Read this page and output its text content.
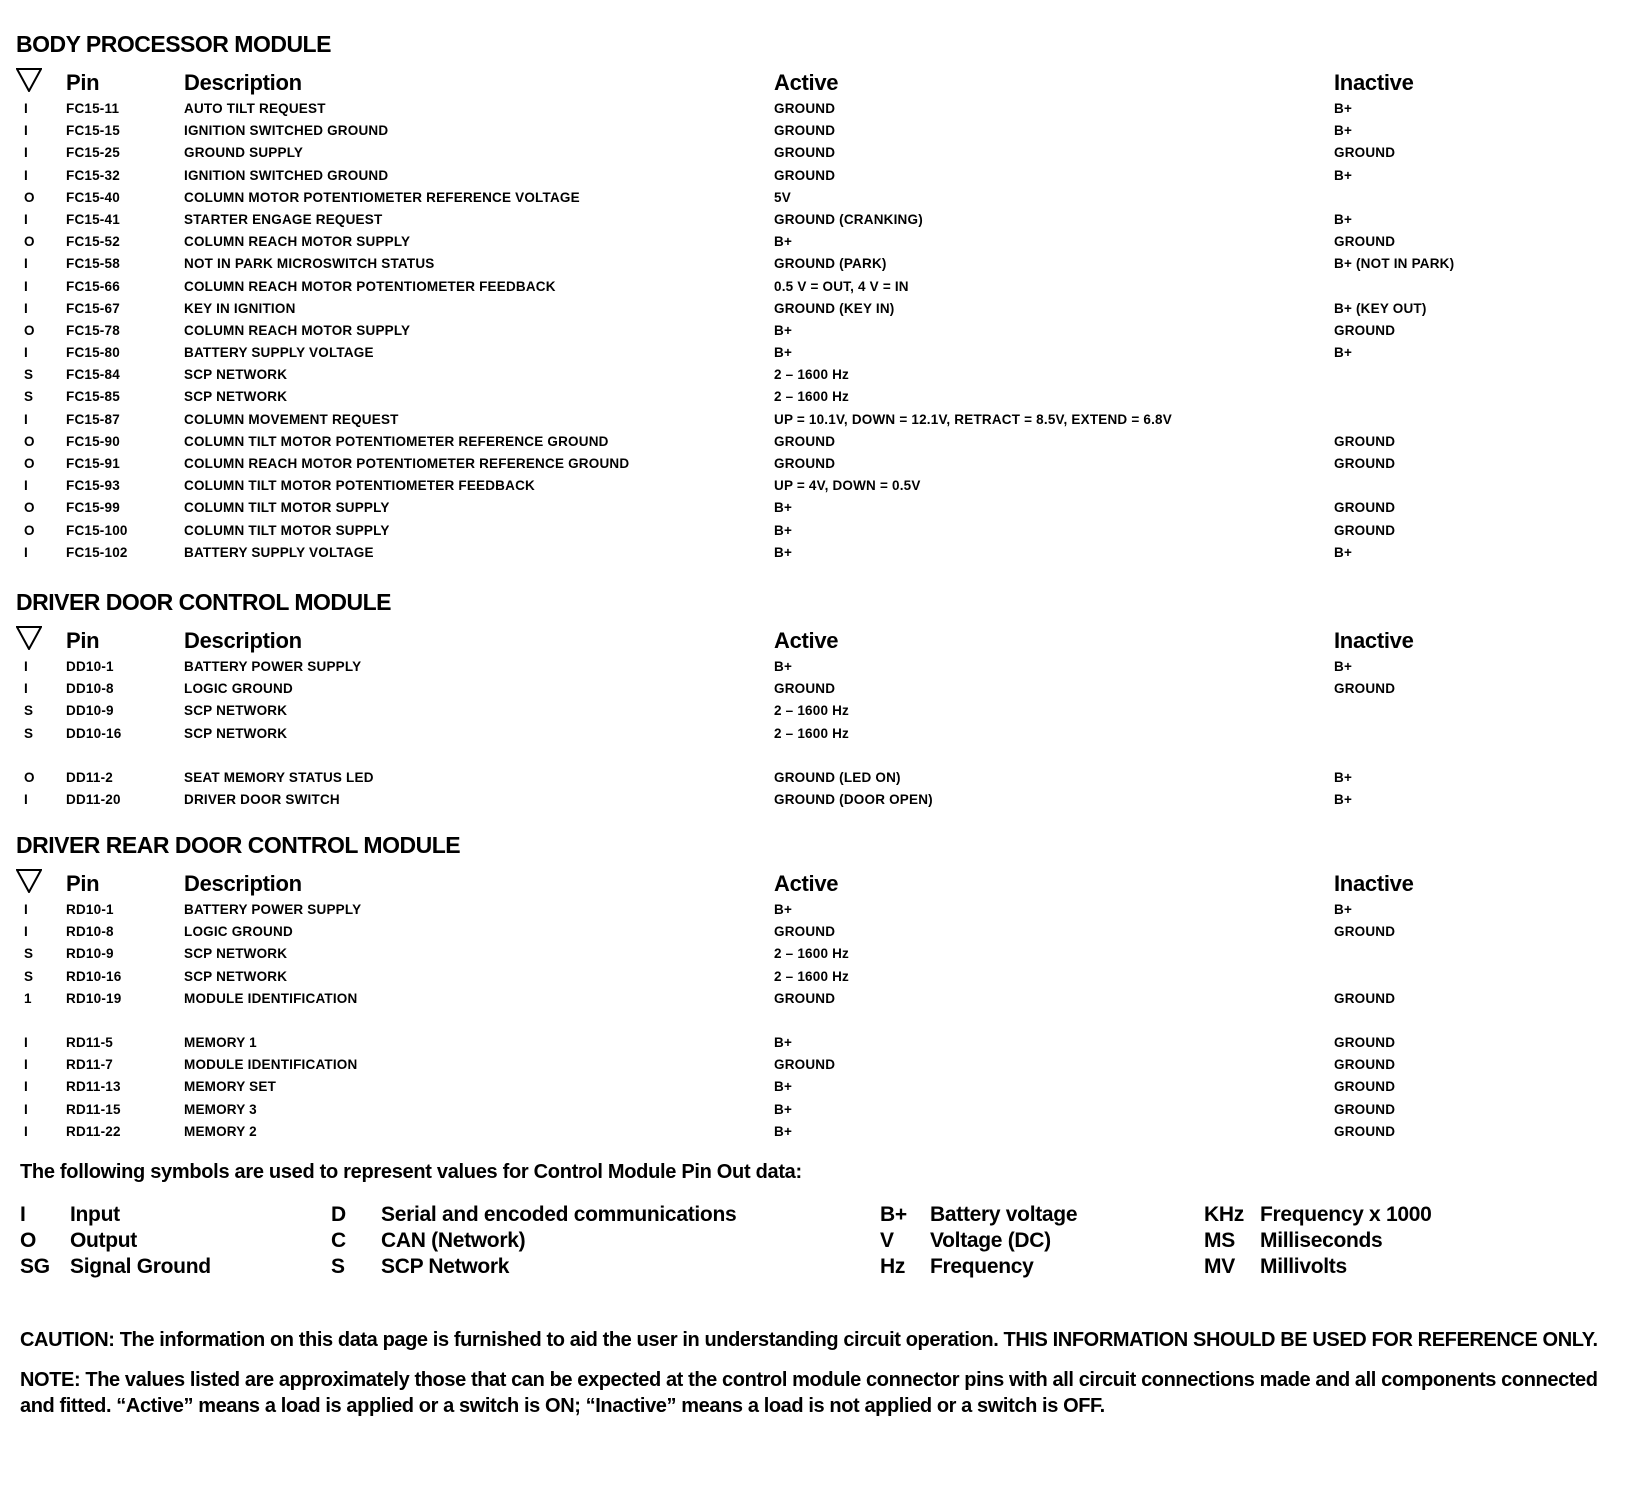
BODY PROCESSOR MODULE
Pin	Description	Active	Inactive
I	FC15-11	AUTO TILT REQUEST	GROUND	B+
I	FC15-15	IGNITION SWITCHED GROUND	GROUND	B+
I	FC15-25	GROUND SUPPLY	GROUND	GROUND
I	FC15-32	IGNITION SWITCHED GROUND	GROUND	B+
O	FC15-40	COLUMN MOTOR POTENTIOMETER REFERENCE VOLTAGE	5V
I	FC15-41	STARTER ENGAGE REQUEST	GROUND (CRANKING)	B+
O	FC15-52	COLUMN REACH MOTOR SUPPLY	B+	GROUND
I	FC15-58	NOT IN PARK MICROSWITCH STATUS	GROUND (PARK)	B+ (NOT IN PARK)
I	FC15-66	COLUMN REACH MOTOR POTENTIOMETER FEEDBACK	0.5 V = OUT, 4 V = IN
I	FC15-67	KEY IN IGNITION	GROUND (KEY IN)	B+ (KEY OUT)
O	FC15-78	COLUMN REACH MOTOR SUPPLY	B+	GROUND
I	FC15-80	BATTERY SUPPLY VOLTAGE	B+	B+
S	FC15-84	SCP NETWORK	2 – 1600 Hz
S	FC15-85	SCP NETWORK	2 – 1600 Hz
I	FC15-87	COLUMN MOVEMENT REQUEST	UP = 10.1V, DOWN = 12.1V, RETRACT = 8.5V, EXTEND = 6.8V
O	FC15-90	COLUMN TILT MOTOR POTENTIOMETER REFERENCE GROUND	GROUND	GROUND
O	FC15-91	COLUMN REACH MOTOR POTENTIOMETER REFERENCE GROUND	GROUND	GROUND
I	FC15-93	COLUMN TILT MOTOR POTENTIOMETER FEEDBACK	UP = 4V, DOWN = 0.5V
O	FC15-99	COLUMN TILT MOTOR SUPPLY	B+	GROUND
O	FC15-100	COLUMN TILT MOTOR SUPPLY	B+	GROUND
I	FC15-102	BATTERY SUPPLY VOLTAGE	B+	B+
DRIVER DOOR CONTROL MODULE
Pin	Description	Active	Inactive
I	DD10-1	BATTERY POWER SUPPLY	B+	B+
I	DD10-8	LOGIC GROUND	GROUND	GROUND
S	DD10-9	SCP NETWORK	2 – 1600 Hz
S	DD10-16	SCP NETWORK	2 – 1600 Hz
O	DD11-2	SEAT MEMORY STATUS LED	GROUND (LED ON)	B+
I	DD11-20	DRIVER DOOR SWITCH	GROUND (DOOR OPEN)	B+
DRIVER REAR DOOR CONTROL MODULE
Pin	Description	Active	Inactive
I	RD10-1	BATTERY POWER SUPPLY	B+	B+
I	RD10-8	LOGIC GROUND	GROUND	GROUND
S	RD10-9	SCP NETWORK	2 – 1600 Hz
S	RD10-16	SCP NETWORK	2 – 1600 Hz
1	RD10-19	MODULE IDENTIFICATION	GROUND	GROUND
I	RD11-5	MEMORY 1	B+	GROUND
I	RD11-7	MODULE IDENTIFICATION	GROUND	GROUND
I	RD11-13	MEMORY SET	B+	GROUND
I	RD11-15	MEMORY 3	B+	GROUND
I	RD11-22	MEMORY 2	B+	GROUND
The following symbols are used to represent values for Control Module Pin Out data:
I Input
O Output
SG Signal Ground
D Serial and encoded communications
C CAN (Network)
S SCP Network
B+ Battery voltage
V Voltage (DC)
Hz Frequency
KHz Frequency x 1000
MS Milliseconds
MV Millivolts
CAUTION: The information on this data page is furnished to aid the user in understanding circuit operation. THIS INFORMATION SHOULD BE USED FOR REFERENCE ONLY.
NOTE: The values listed are approximately those that can be expected at the control module connector pins with all circuit connections made and all components connected and fitted. “Active” means a load is applied or a switch is ON; “Inactive” means a load is not applied or a switch is OFF.
